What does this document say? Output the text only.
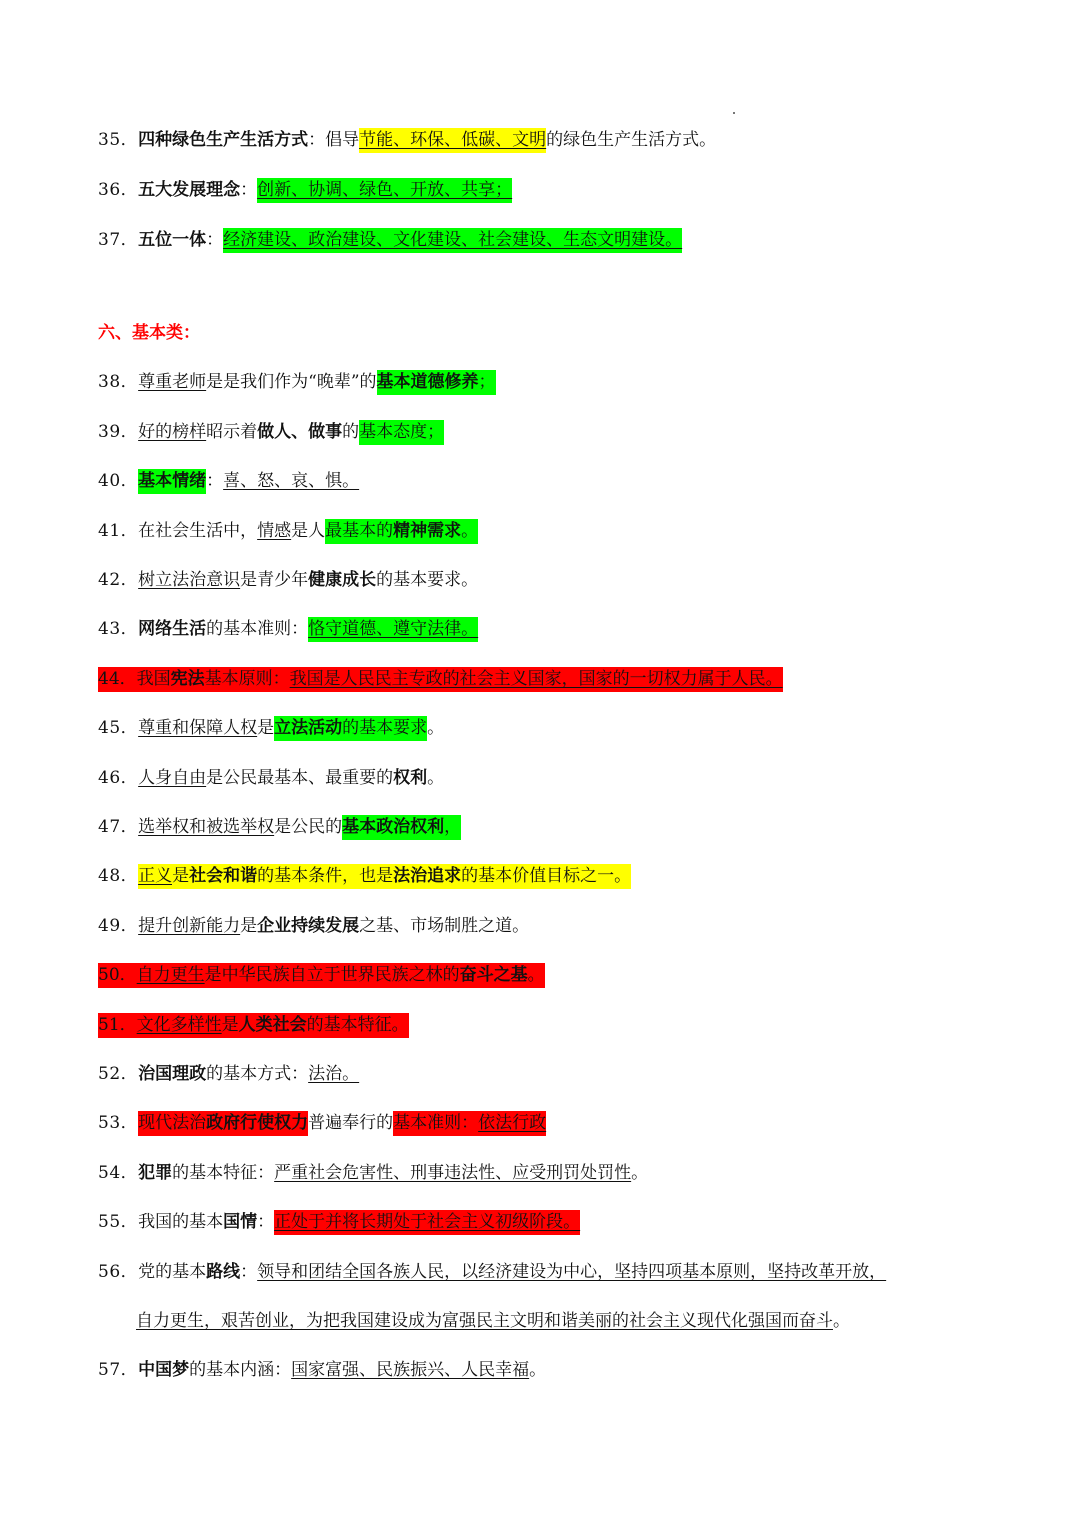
35．四种绿色生产生活方式：倡导节能、环保、低碳、文明的绿色生产生活方式。
36．五大发展理念：创新、协调、绿色、开放、共享；
37．五位一体：经济建设、政治建设、文化建设、社会建设、生态文明建设。
六、基本类：
38．尊重老师是是我们作为“晚辈”的基本道德修养；
39．好的榜样昭示着做人、做事的基本态度；
40．基本情绪：喜、怒、哀、惧。
41．在社会生活中，情感是人最基本的精神需求。
42．树立法治意识是青少年健康成长的基本要求。
43．网络生活的基本准则：恪守道德、遵守法律。
44．我国宪法基本原则：我国是人民民主专政的社会主义国家，国家的一切权力属于人民。
45．尊重和保障人权是立法活动的基本要求。
46．人身自由是公民最基本、最重要的权利。
47．选举权和被选举权是公民的基本政治权利，
48．正义是社会和谐的基本条件，也是法治追求的基本价值目标之一。
49．提升创新能力是企业持续发展之基、市场制胜之道。
50．自力更生是中华民族自立于世界民族之林的奋斗之基。
51．文化多样性是人类社会的基本特征。
52．治国理政的基本方式：法治。
53．现代法治政府行使权力普遍奉行的基本准则：依法行政
54．犯罪的基本特征：严重社会危害性、刑事违法性、应受刑罚处罚性。
55．我国的基本国情：正处于并将长期处于社会主义初级阶段。
56．党的基本路线：领导和团结全国各族人民，以经济建设为中心，坚持四项基本原则，坚持改革开放，
自力更生，艰苦创业，为把我国建设成为富强民主文明和谐美丽的社会主义现代化强国而奋斗。
57．中国梦的基本内涵：国家富强、民族振兴、人民幸福。
